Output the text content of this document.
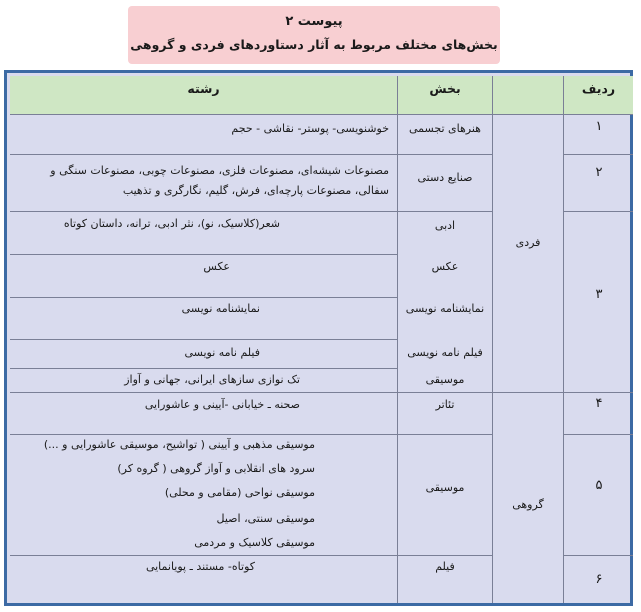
پیوست ۲
بخش‌های مختلف مربوط به آثار دستاوردهای فردی و گروهی
ردیف
بخش
رشته
فردی
گروهی
۱
۲
۳
۴
۵
۶
هنرهای تجسمی
خوشنویسی- پوستر- نقاشی - حجم
صنایع دستی
مصنوعات شیشه‌ای، مصنوعات فلزی، مصنوعات چوبی، مصنوعات سنگی و
سفالی، مصنوعات پارچه‌ای، فرش، گلیم، نگارگری و تذهیب
ادبی
شعر(کلاسیک، نو)، نثر ادبی، ترانه، داستان کوتاه
عکس
عکس
نمایشنامه نویسی
نمایشنامه نویسی
فیلم نامه نویسی
فیلم نامه نویسی
موسیقی
تک نوازی سازهای ایرانی، جهانی و آواز
تئاتر
صحنه ـ خیابانی -آیینی و عاشورایی
موسیقی
موسیقی مذهبی و آیینی ( تواشیح، موسیقی عاشورایی و ...)
سرود های انقلابی و آواز گروهی ( گروه کر)
موسیقی نواحی (مقامی و محلی)
موسیقی سنتی، اصیل
موسیقی کلاسیک و مردمی
فیلم
کوتاه- مستند ـ پویانمایی
